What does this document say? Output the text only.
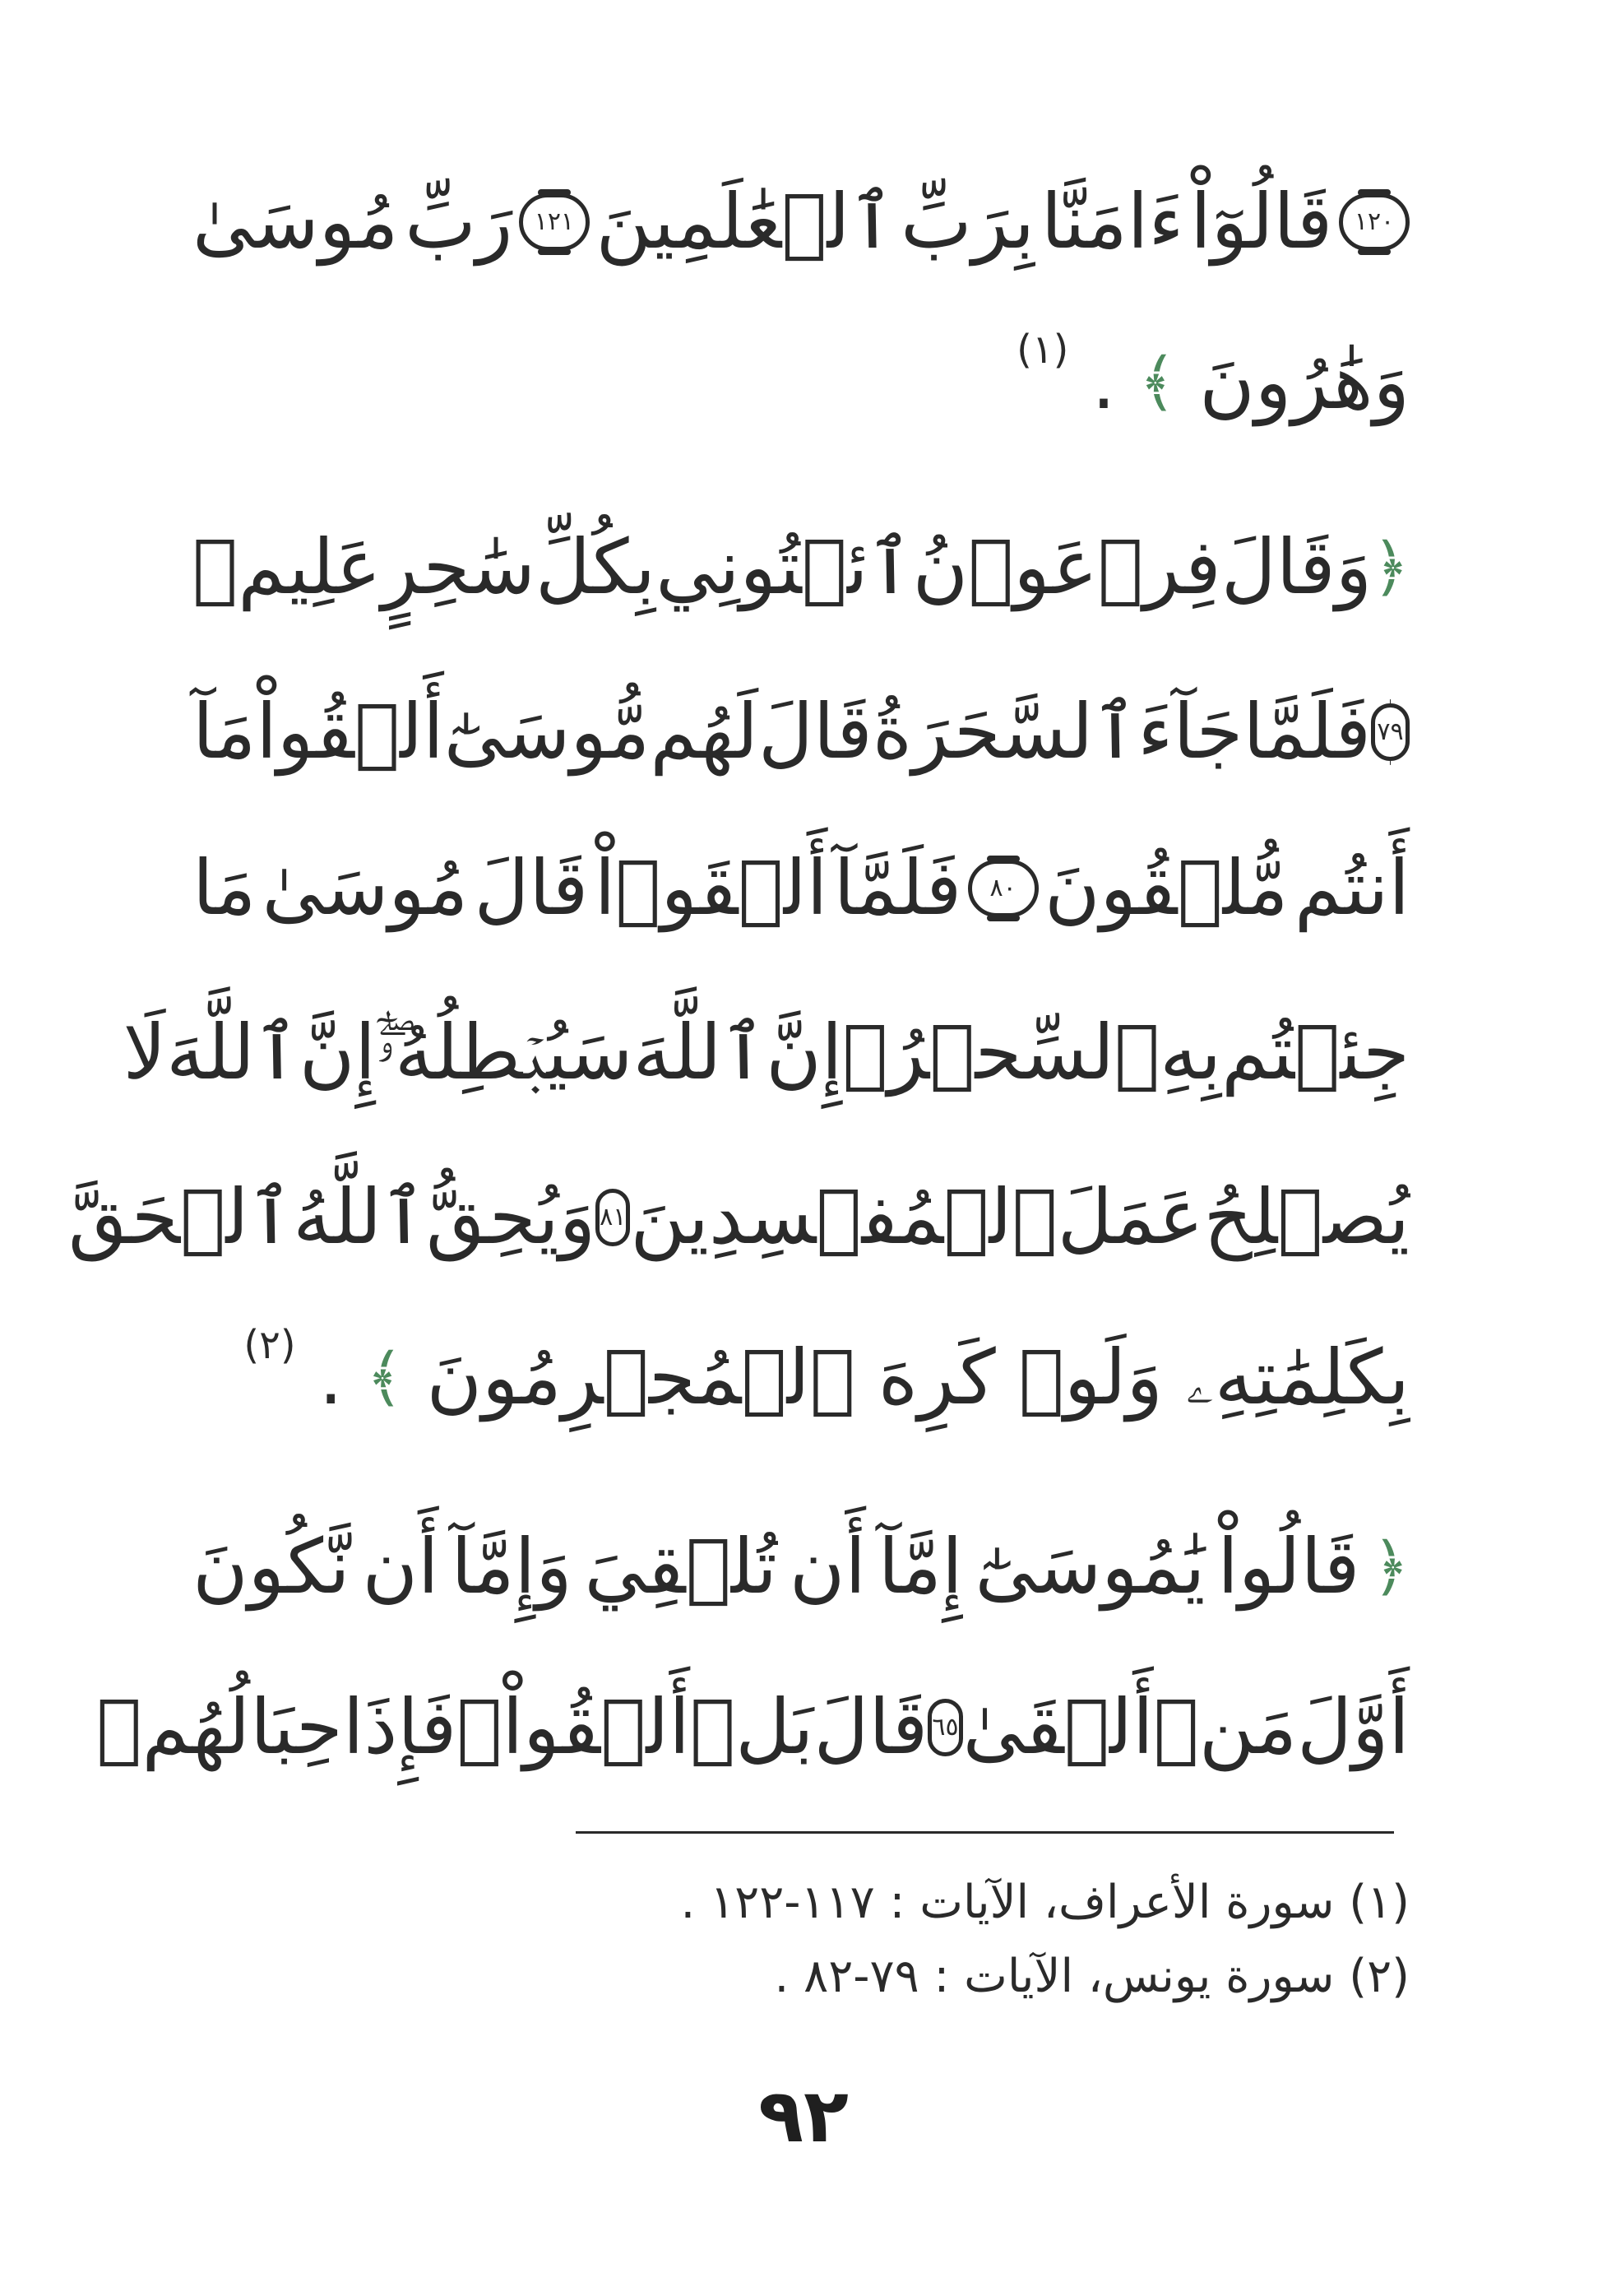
١٢٠
قَالُوٓاْ
ءَامَنَّا
بِرَبِّ
ٱلۡعَٰلَمِينَ
١٢١
رَبِّ
مُوسَىٰ
وَهَٰرُونَ
﴾
.
(١)
﴿
وَقَالَ
فِرۡعَوۡنُ
ٱئۡتُونِي
بِكُلِّ
سَٰحِرٍ
عَلِيمٖ
٧٩
فَلَمَّا
جَآءَ
ٱلسَّحَرَةُ
قَالَ
لَهُم
مُّوسَىٰٓ
أَلۡقُواْ
مَآ
أَنتُم
مُّلۡقُونَ
٨٠
فَلَمَّآ
أَلۡقَوۡاْ
قَالَ
مُوسَىٰ
مَا
جِئۡتُم
بِهِ
ٱلسِّحۡرُۖ
إِنَّ
ٱللَّهَ
سَيُبۡطِلُهُۥٓۖ
إِنَّ
ٱللَّهَ
لَا
يُصۡلِحُ
عَمَلَ
ٱلۡمُفۡسِدِينَ
٨١
وَيُحِقُّ
ٱللَّهُ
ٱلۡحَقَّ
بِكَلِمَٰتِهِۦ
وَلَوۡ
كَرِهَ
ٱلۡمُجۡرِمُونَ
﴾
.
(٢)
﴿
قَالُواْ
يَٰمُوسَىٰٓ
إِمَّآ
أَن
تُلۡقِيَ
وَإِمَّآ
أَن
نَّكُونَ
أَوَّلَ
مَنۡ
أَلۡقَىٰ
٦٥
قَالَ
بَلۡ
أَلۡقُواْۖ
فَإِذَا
حِبَالُهُمۡ
(١) سورة الأعراف، الآيات : ١١٧-١٢٢ .
(٢) سورة يونس، الآيات : ٧٩-٨٢ .
٩٢
